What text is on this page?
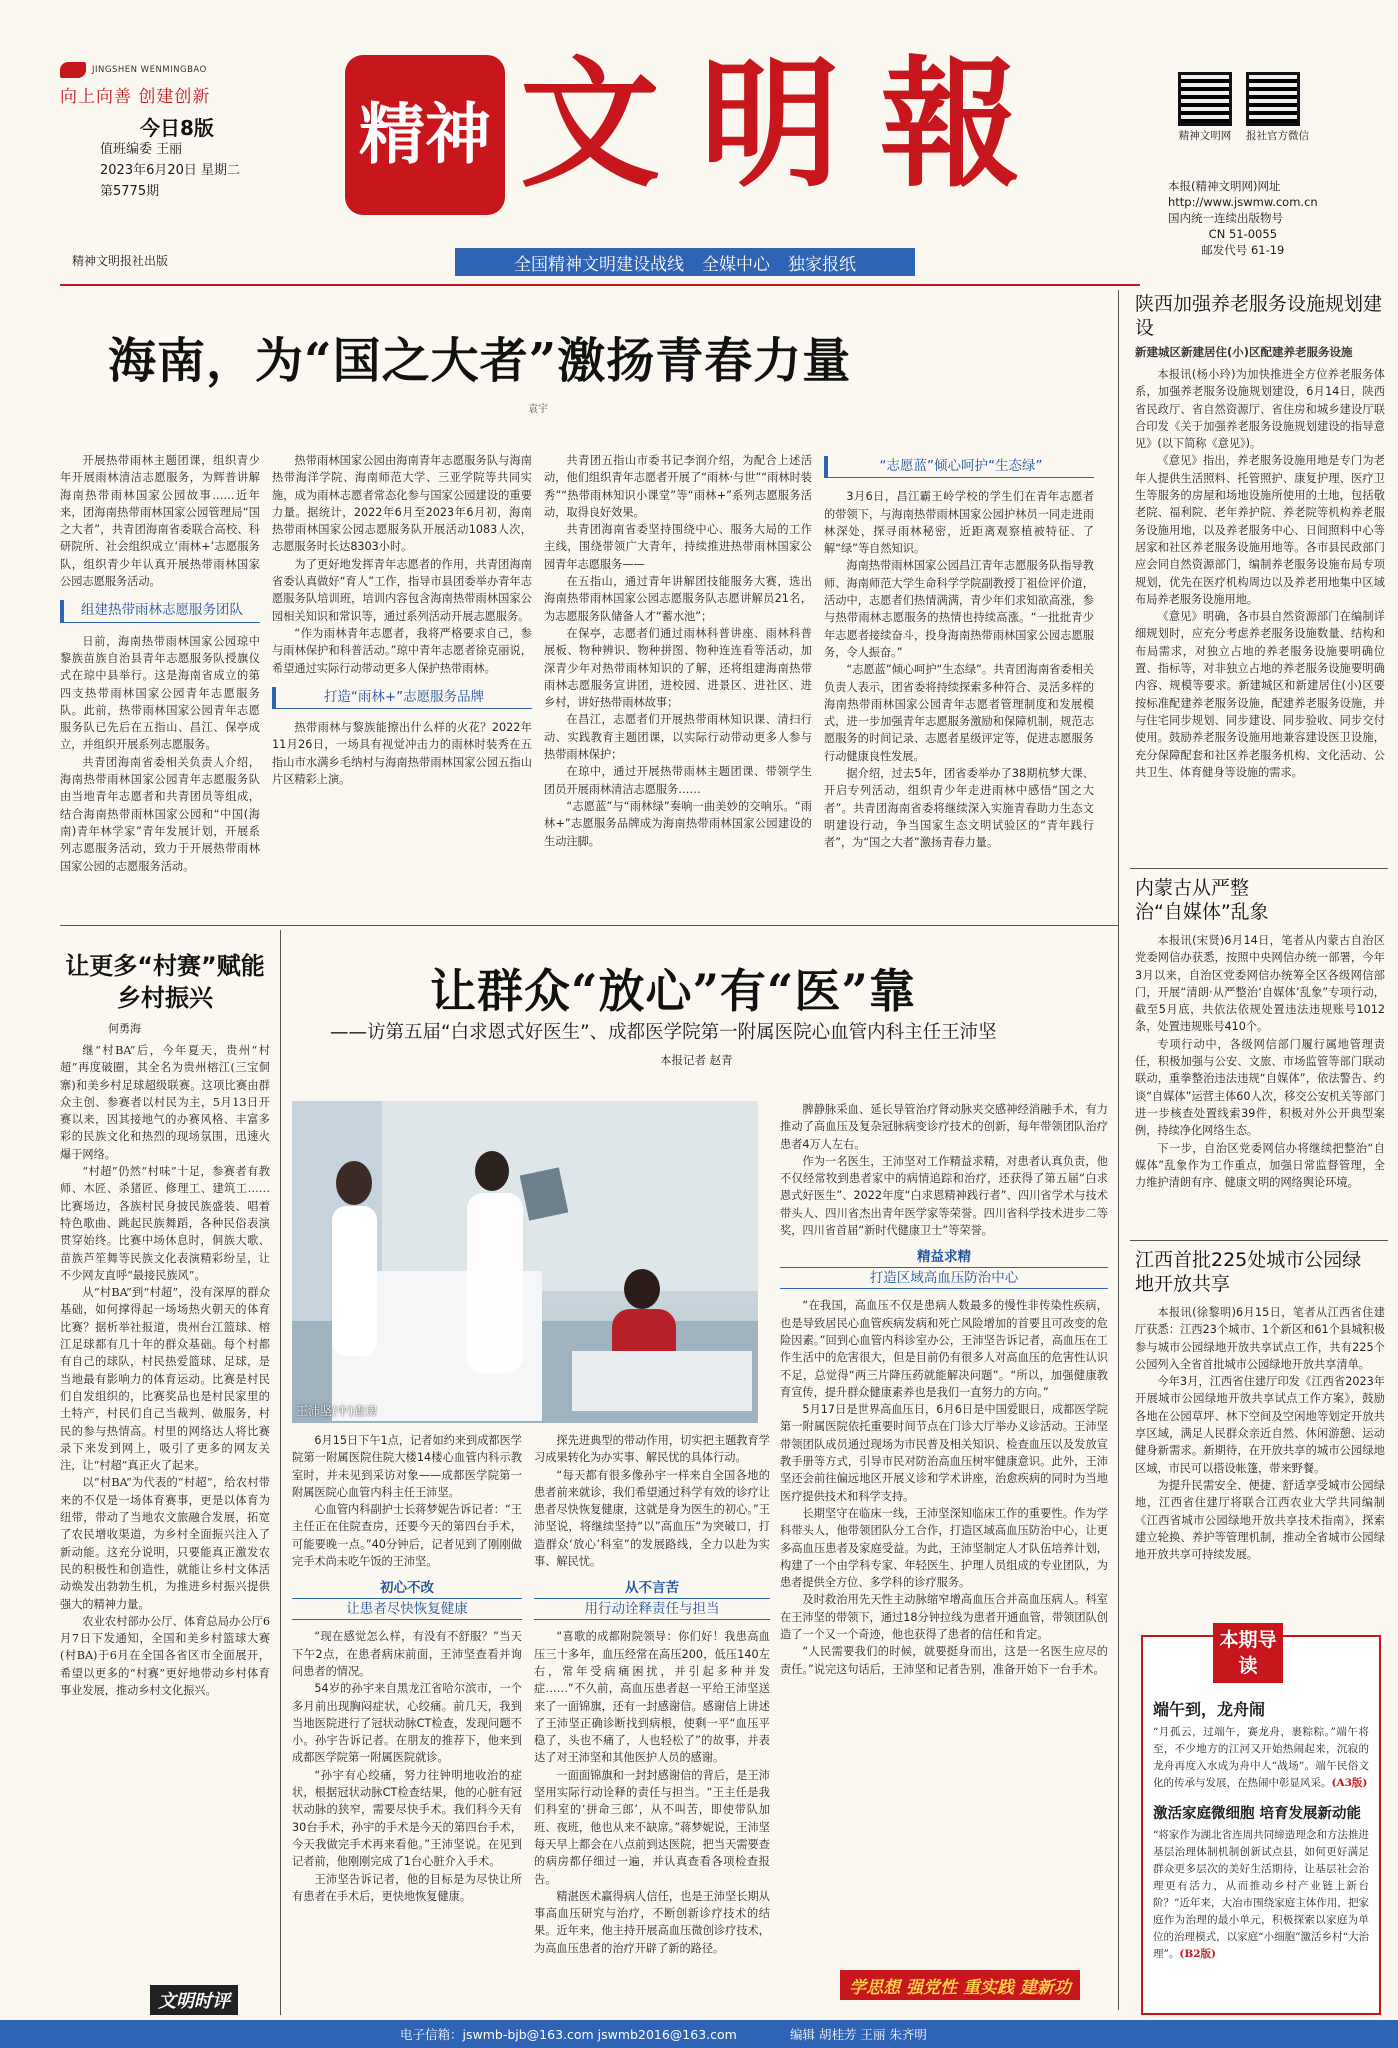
JINGSHEN WENMINGBAO
向上向善 创建创新
今日8版
值班编委 王丽
2023年6月20日 星期二
第5775期
精神文明报社出版
精神 文明報
全国精神文明建设战线 全媒中心 独家报纸
精神文明网 报社官方微信
本报(精神文明网)网址
http://www.jswmw.com.cn
国内统一连续出版物号
CN 51-0055
邮发代号 61-19
海南，为“国之大者”激扬青春力量
袁宇

开展热带雨林主题团课，组织青少年开展雨林清洁志愿服务，为辉普讲解海南热带雨林国家公园故事……近年来，团海南热带雨林国家公园管理局“国之大者”，共青团海南省委联合高校、科研院所、社会组织成立‘雨林+’志愿服务队，组织青少年认真开展热带雨林国家公园志愿服务活动。

组建热带雨林志愿服务团队

日前，海南热带雨林国家公园琼中黎族苗族自治县青年志愿服务队授旗仪式在琼中县举行。这是海南省成立的第四支热带雨林国家公园青年志愿服务队。此前，热带雨林国家公园青年志愿服务队已先后在五指山、昌江、保亭成立，并组织开展系列志愿服务。

共青团海南省委相关负责人介绍，海南热带雨林国家公园青年志愿服务队由当地青年志愿者和共青团员等组成，结合海南热带雨林国家公园和“中国(海南)青年林学家”青年发展计划，开展系列志愿服务活动，致力于开展热带雨林国家公园的志愿服务活动。

热带雨林国家公园由海南青年志愿服务队与海南热带海洋学院、海南师范大学、三亚学院等共同实施，成为雨林志愿者常态化参与国家公园建设的重要力量。据统计，2022年6月至2023年6月初，海南热带雨林国家公园志愿服务队开展活动1083人次，志愿服务时长达8303小时。

为了更好地发挥青年志愿者的作用，共青团海南省委认真做好“育人”工作，指导市县团委举办青年志愿服务队培训班，培训内容包含海南热带雨林国家公园相关知识和常识等，通过系列活动开展志愿服务。

“作为雨林青年志愿者，我将严格要求自己，参与雨林保护和科普活动。”琼中青年志愿者徐克丽说，希望通过实际行动带动更多人保护热带雨林。

打造“雨林+”志愿服务品牌

热带雨林与黎族能擦出什么样的火花？2022年11月26日，一场具有视觉冲击力的雨林时装秀在五指山市水满乡毛纳村与海南热带雨林国家公园五指山片区精彩上演。

共青团五指山市委书记李润介绍，为配合上述活动，他们组织青年志愿者开展了“雨林·与世”“雨林时装秀”“热带雨林知识小课堂”等“雨林+”系列志愿服务活动，取得良好效果。

共青团海南省委坚持围绕中心、服务大局的工作主线，围绕带领广大青年，持续推进热带雨林国家公园青年志愿服务——

在五指山，通过青年讲解团技能服务大赛，选出海南热带雨林国家公园志愿服务队志愿讲解员21名，为志愿服务队储备人才“蓄水池”；

在保亭，志愿者们通过雨林科普讲座、雨林科普展板、物种辨识、物种拼图、物种连连看等活动，加深青少年对热带雨林知识的了解，还将组建海南热带雨林志愿服务宣讲团，进校园、进景区、进社区、进乡村，讲好热带雨林故事；

在昌江，志愿者们开展热带雨林知识课、清扫行动、实践教育主题团课，以实际行动带动更多人参与热带雨林保护；

在琼中，通过开展热带雨林主题团课、带领学生团员开展雨林清洁志愿服务……

“志愿蓝”与“雨林绿”奏响一曲美妙的交响乐。“雨林+”志愿服务品牌成为海南热带雨林国家公园建设的生动注脚。

“志愿蓝”倾心呵护“生态绿”

3月6日，昌江霸王岭学校的学生们在青年志愿者的带领下，与海南热带雨林国家公园护林员一同走进雨林深处，探寻雨林秘密，近距离观察植被特征、了解“绿”等自然知识。

海南热带雨林国家公园昌江青年志愿服务队指导教师、海南师范大学生命科学学院副教授丁祖俭评价道，活动中，志愿者们热情满满，青少年们求知欲高涨，参与热带雨林志愿服务的热情也持续高涨。“一批批青少年志愿者接续奋斗，投身海南热带雨林国家公园志愿服务，令人振奋。”

“志愿蓝”倾心呵护“生态绿”。共青团海南省委相关负责人表示，团省委将持续探索多种符合、灵活多样的海南热带雨林国家公园青年志愿者管理制度和发展模式，进一步加强青年志愿服务激励和保障机制，规范志愿服务的时间记录、志愿者星级评定等，促进志愿服务行动健康良性发展。

据介绍，过去5年，团省委举办了38期杭梦大课、开启专列活动，组织青少年走进雨林中感悟“国之大者”。共青团海南省委将继续深入实施青春助力生态文明建设行动，争当国家生态文明试验区的“青年践行者”，为“国之大者”激扬青春力量。

陕西加强养老服务设施规划建设
新建城区新建居住(小)区配建养老服务设施

本报讯(杨小玲)为加快推进全方位养老服务体系，加强养老服务设施规划建设，6月14日，陕西省民政厅、省自然资源厅、省住房和城乡建设厅联合印发《关于加强养老服务设施规划建设的指导意见》(以下简称《意见》)。

《意见》指出，养老服务设施用地是专门为老年人提供生活照料、托管照护、康复护理、医疗卫生等服务的房屋和场地设施所使用的土地，包括敬老院、福利院、老年养护院、养老院等机构养老服务设施用地，以及养老服务中心、日间照料中心等居家和社区养老服务设施用地等。各市县民政部门应会同自然资源部门，编制养老服务设施布局专项规划，优先在医疗机构周边以及养老用地集中区域布局养老服务设施用地。

《意见》明确，各市县自然资源部门在编制详细规划时，应充分考虑养老服务设施数量、结构和布局需求，对独立占地的养老服务设施要明确位置、指标等，对非独立占地的养老服务设施要明确内容、规模等要求。新建城区和新建居住(小)区要按标准配建养老服务设施，配建养老服务设施，并与住宅同步规划、同步建设、同步验收、同步交付使用。鼓励养老服务设施用地兼容建设医卫设施，充分保障配套和社区养老服务机构、文化活动、公共卫生、体育健身等设施的需求。

内蒙古从严整治“自媒体”乱象

本报讯(宋贤)6月14日，笔者从内蒙古自治区党委网信办获悉，按照中央网信办统一部署，今年3月以来，自治区党委网信办统筹全区各级网信部门，开展“清朗·从严整治‘自媒体’乱象”专项行动，截至5月底，共依法依规处置违法违规账号1012条，处置违规账号410个。

专项行动中，各级网信部门履行属地管理责任，积极加强与公安、文旅、市场监管等部门联动联动，重拳整治违法违规“自媒体”，依法警告、约谈“自媒体”运营主体60人次，移交公安机关等部门进一步核查处置线索39件，积极对外公开典型案例，持续净化网络生态。

下一步，自治区党委网信办将继续把整治“自媒体”乱象作为工作重点，加强日常监督管理，全力维护清朗有序、健康文明的网络舆论环境。

江西首批225处城市公园绿地开放共享

本报讯(徐黎明)6月15日，笔者从江西省住建厅获悉：江西23个城市、1个新区和61个县城积极参与城市公园绿地开放共享试点工作，共有225个公园列入全省首批城市公园绿地开放共享清单。

今年3月，江西省住建厅印发《江西省2023年开展城市公园绿地开放共享试点工作方案》，鼓励各地在公园草坪、林下空间及空闲地等划定开放共享区域，满足人民群众亲近自然、休闲游憩、运动健身新需求。新期待，在开放共享的城市公园绿地区域，市民可以搭设帐篷，带来野餐。

为提升民需安全、便捷、舒适享受城市公园绿地，江西省住建厅将联合江西农业大学共同编制《江西省城市公园绿地开放共享技术指南》，探索建立轮换、养护等管理机制，推动全省城市公园绿地开放共享可持续发展。

本期导读
端午到，龙舟闹
“月孤云，过端午，赛龙舟，裹粽粽。”端午将至，不少地方的江河又开始热闹起来，沉寂的龙舟再度入水成为舟中人“战场”。端午民俗文化的传承与发展，在热闹中彰显风采。(A3版)
激活家庭微细胞 培育发展新动能
“将家作为湖北省连周共同缔造理念和方法推进基层治理体制机制创新试点县，如何更好满足群众更多层次的美好生活期待，让基层社会治理更有活力，从而推动乡村产业链上新台阶？”近年来，大冶市围绕家庭主体作用，把家庭作为治理的最小单元，积极探索以家庭为单位的治理模式，以家庭“小细胞”激活乡村“大治理”。(B2版)
让更多“村赛”赋能乡村振兴
何勇海

继“村BA”后，今年夏天，贵州“村超”再度破圈，其全名为贵州榕江(三宝侗寨)和美乡村足球超级联赛。这项比赛由群众主创、参赛者以村民为主，5月13日开赛以来，因其接地气的办赛风格、丰富多彩的民族文化和热烈的现场氛围，迅速火爆于网络。

“村超”仍然“村味”十足，参赛者有教师、木匠、杀猪匠、修理工、建筑工……比赛场边，各族村民身披民族盛装、唱着特色歌曲、跳起民族舞蹈，各种民俗表演贯穿始终。比赛中场休息时，侗族大歌、苗族芦笙舞等民族文化表演精彩纷呈，让不少网友直呼“最接民族风”。

从“村BA”到“村超”，没有深厚的群众基础，如何撑得起一场场热火朝天的体育比赛？据析举社报道，贵州台江篮球、榕江足球都有几十年的群众基础。每个村都有自己的球队，村民热爱篮球、足球，是当地最有影响力的体育运动。比赛是村民们自发组织的，比赛奖品也是村民家里的土特产，村民们自己当裁判、做服务，村民的参与热情高。村里的网络达人将比赛录下来发到网上，吸引了更多的网友关注，让“村超”真正火了起来。

以“村BA”为代表的“村超”，给农村带来的不仅是一场体育赛事，更是以体育为纽带，带动了当地农文旅融合发展，拓宽了农民增收渠道，为乡村全面振兴注入了新动能。这充分说明，只要能真正激发农民的积极性和创造性，就能让乡村文体活动焕发出勃勃生机，为推进乡村振兴提供强大的精神力量。

农业农村部办公厅、体育总局办公厅6月7日下发通知，全国和美乡村篮球大赛(村BA)于6月在全国各省区市全面展开，希望以更多的“村赛”更好地带动乡村体育事业发展，推动乡村文化振兴。

文明时评
让群众“放心”有“医”靠
——访第五届“白求恩式好医生”、成都医学院第一附属医院心血管内科主任王沛坚
本报记者 赵青
王沛坚(中)查房

6月15日下午1点，记者如约来到成都医学院第一附属医院住院大楼14楼心血管内科示教室时，并未见到采访对象——成都医学院第一附属医院心血管内科主任王沛坚。

心血管内科副护士长蒋梦妮告诉记者：“王主任正在住院查房，还要今天的第四台手术，可能要晚一点。”40分钟后，记者见到了刚刚做完手术尚未吃午饭的王沛坚。

初心不改
让患者尽快恢复健康

“现在感觉怎么样，有没有不舒服？”当天下午2点，在患者病床前面，王沛坚查看并询问患者的情况。

54岁的孙宇来自黑龙江省哈尔滨市，一个多月前出现胸闷症状，心绞痛。前几天，我到当地医院进行了冠状动脉CT检查，发现问题不小。孙宇告诉记者。在朋友的推荐下，他来到成都医学院第一附属医院就诊。

“孙宇有心绞痛，努力往钟明地收治的症状，根据冠状动脉CT检查结果，他的心脏有冠状动脉的狭窄，需要尽快手术。我们科今天有30台手术，孙宇的手术是今天的第四台手术，今天我做完手术再来看他。”王沛坚说。在见到记者前，他刚刚完成了1台心脏介入手术。

王沛坚告诉记者，他的目标是为尽快让所有患者在手术后，更快地恢复健康。

探先进典型的带动作用，切实把主题教育学习成果转化为办实事、解民忧的具体行动。

“每天都有很多像孙宇一样来自全国各地的患者前来就诊，我们希望通过科学有效的诊疗让患者尽快恢复健康，这就是身为医生的初心。”王沛坚说，将继续坚持“以”高血压“为突破口，打造群众‘放心’科室”的发展路线，全力以赴为实事、解民忧。

从不言苦
用行动诠释责任与担当

“喜歌的成都附院领导：你们好！我患高血压三十多年，血压经常在高压200，低压140左右，常年受病痛困扰，并引起多种并发症……”不久前，高血压患者赵一平给王沛坚送来了一面锦旗，还有一封感谢信。感谢信上讲述了王沛坚正确诊断找到病根，使剩一平“血压平稳了，头也不痛了，人也轻松了”的故事，并表达了对王沛坚和其他医护人员的感谢。

一面面锦旗和一封封感谢信的背后，是王沛坚用实际行动诠释的责任与担当。“王主任是我们科室的‘拼命三郎’，从不叫苦，即使带队加班、夜班，他也从来不缺席。”蒋梦妮说，王沛坚每天早上都会在八点前到达医院，把当天需要查的病房都仔细过一遍，并认真查看各项检查报告。

精湛医术赢得病人信任，也是王沛坚长期从事高血压研究与治疗，不断创新诊疗技术的结果。近年来，他主持开展高血压微创诊疗技术，为高血压患者的治疗开辟了新的路径。

脾静脉采血、延长导管治疗肾动脉夹交感神经消融手术，有力推动了高血压及复杂冠脉病变诊疗技术的创新，每年带领团队治疗患者4万人左右。

作为一名医生，王沛坚对工作精益求精，对患者认真负责，他不仅经常牧到患者家中的病情追踪和治疗，还获得了第五届“白求恩式好医生”、2022年度“白求恩精神践行者”、四川省学术与技术带头人、四川省杰出青年医学家等荣誉。四川省科学技术进步二等奖，四川省首届“新时代健康卫士”等荣誉。

精益求精
打造区域高血压防治中心

“在我国，高血压不仅是患病人数最多的慢性非传染性疾病，也是导致居民心血管疾病发病和死亡风险增加的首要且可改变的危险因素。”回到心血管内科诊室办公，王沛坚告诉记者，高血压在工作生活中的危害很大，但是目前仍有很多人对高血压的危害性认识不足，总觉得“两三片降压药就能解决问题”。“所以，加强健康教育宣传，提升群众健康素养也是我们一直努力的方向。”

5月17日是世界高血压日，6月6日是中国爱眼日，成都医学院第一附属医院依托重要时间节点在门诊大厅举办义诊活动。王沛坚带领团队成员通过现场为市民普及相关知识、检查血压以及发放宣教手册等方式，引导市民对防治高血压树牢健康意识。此外，王沛坚还会前往偏远地区开展义诊和学术讲座，治愈疾病的同时为当地医疗提供技术和科学支持。

长期坚守在临床一线，王沛坚深知临床工作的重要性。作为学科带头人，他带领团队分工合作，打造区域高血压防治中心，让更多高血压患者及家庭受益。为此，王沛坚制定人才队伍培养计划，构建了一个由学科专家、年轻医生、护理人员组成的专业团队，为患者提供全方位、多学科的诊疗服务。

及时救治用先天性主动脉缩窄增高血压合并高血压病人。科室在王沛坚的带领下，通过18分钟拉线为患者开通血管，带领团队创造了一个又一个奇迹，他也获得了患者的信任和肯定。

“人民需要我们的时候，就要挺身而出，这是一名医生应尽的责任。”说完这句话后，王沛坚和记者告别，准备开始下一台手术。

学思想 强党性 重实践 建新功
电子信箱：jswmb-bjb@163.com jswmb2016@163.com	编辑 胡桂芳 王丽 朱齐明
